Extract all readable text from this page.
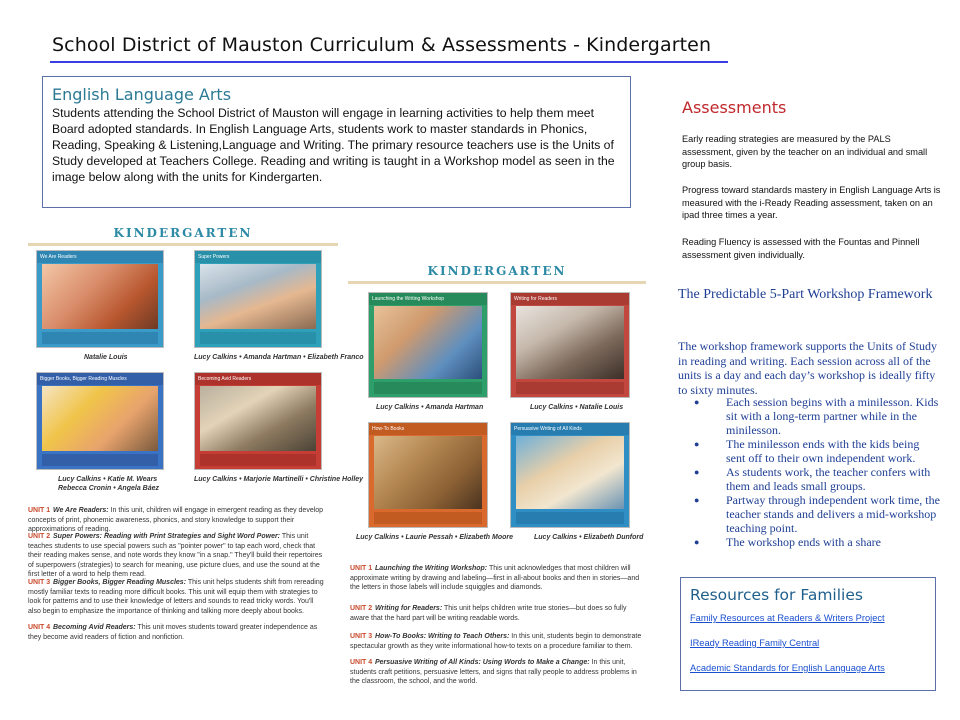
School District of Mauston Curriculum & Assessments - Kindergarten
English Language Arts
Students attending the School District of Mauston will engage in learning activities to help them meet Board adopted standards. In English Language Arts, students work to master standards in Phonics, Reading, Speaking & Listening,Language and Writing. The primary resource teachers use is the Units of Study developed at Teachers College. Reading and writing is taught in a Workshop model as seen in the image below along with the units for Kindergarten.
KINDERGARTEN
We Are Readers
Natalie Louis
Super Powers
Lucy Calkins • Amanda Hartman • Elizabeth Franco
Bigger Books, Bigger Reading Muscles
Lucy Calkins • Katie M. Wears
Rebecca Cronin • Angela Báez
Becoming Avid Readers
Lucy Calkins • Marjorie Martinelli • Christine Holley
UNIT 1 We Are Readers: In this unit, children will engage in emergent reading as they develop concepts of print, phonemic awareness, phonics, and story knowledge to support their approximations of reading.
UNIT 2 Super Powers: Reading with Print Strategies and Sight Word Power: This unit teaches students to use special powers such as "pointer power" to tap each word, check that their reading makes sense, and note words they know "in a snap." They'll build their repertoires of superpowers (strategies) to search for meaning, use picture clues, and use the sound at the first letter of a word to help them read.
UNIT 3 Bigger Books, Bigger Reading Muscles: This unit helps students shift from rereading mostly familiar texts to reading more difficult books. This unit will equip them with strategies to look for patterns and to use their knowledge of letters and sounds to read tricky words. You'll also begin to emphasize the importance of thinking and talking more deeply about books.
UNIT 4 Becoming Avid Readers: This unit moves students toward greater independence as they become avid readers of fiction and nonfiction.
KINDERGARTEN
Launching the Writing Workshop
Lucy Calkins • Amanda Hartman
Writing for Readers
Lucy Calkins • Natalie Louis
How-To Books
Lucy Calkins • Laurie Pessah • Elizabeth Moore
Persuasive Writing of All Kinds
Lucy Calkins • Elizabeth Dunford
UNIT 1 Launching the Writing Workshop: This unit acknowledges that most children will approximate writing by drawing and labeling—first in all-about books and then in stories—and the letters in those labels will include squiggles and diamonds.
UNIT 2 Writing for Readers: This unit helps children write true stories—but does so fully aware that the hard part will be writing readable words.
UNIT 3 How-To Books: Writing to Teach Others: In this unit, students begin to demonstrate spectacular growth as they write informational how-to texts on a procedure familiar to them.
UNIT 4 Persuasive Writing of All Kinds: Using Words to Make a Change: In this unit, students craft petitions, persuasive letters, and signs that rally people to address problems in the classroom, the school, and the world.
Assessments
Early reading strategies are measured by the PALS assessment, given by the teacher on an individual and small group basis.
Progress toward standards mastery in English Language Arts is measured with the i-Ready Reading assessment, taken on an ipad three times a year.
Reading Fluency is assessed with the Fountas and Pinnell assessment given individually.
The Predictable 5-Part Workshop Framework
The workshop framework supports the Units of Study in reading and writing. Each session across all of the units is a day and each day’s workshop is ideally fifty to sixty minutes.
● Each session begins with a minilesson. Kids sit with a long-term partner while in the minilesson.
● The minilesson ends with the kids being sent off to their own independent work.
● As students work, the teacher confers with them and leads small groups.
● Partway through independent work time, the teacher stands and delivers a mid-workshop teaching point.
● The workshop ends with a share
Resources for Families
Family Resources at Readers & Writers Project
IReady Reading Family Central
Academic Standards for English Language Arts
